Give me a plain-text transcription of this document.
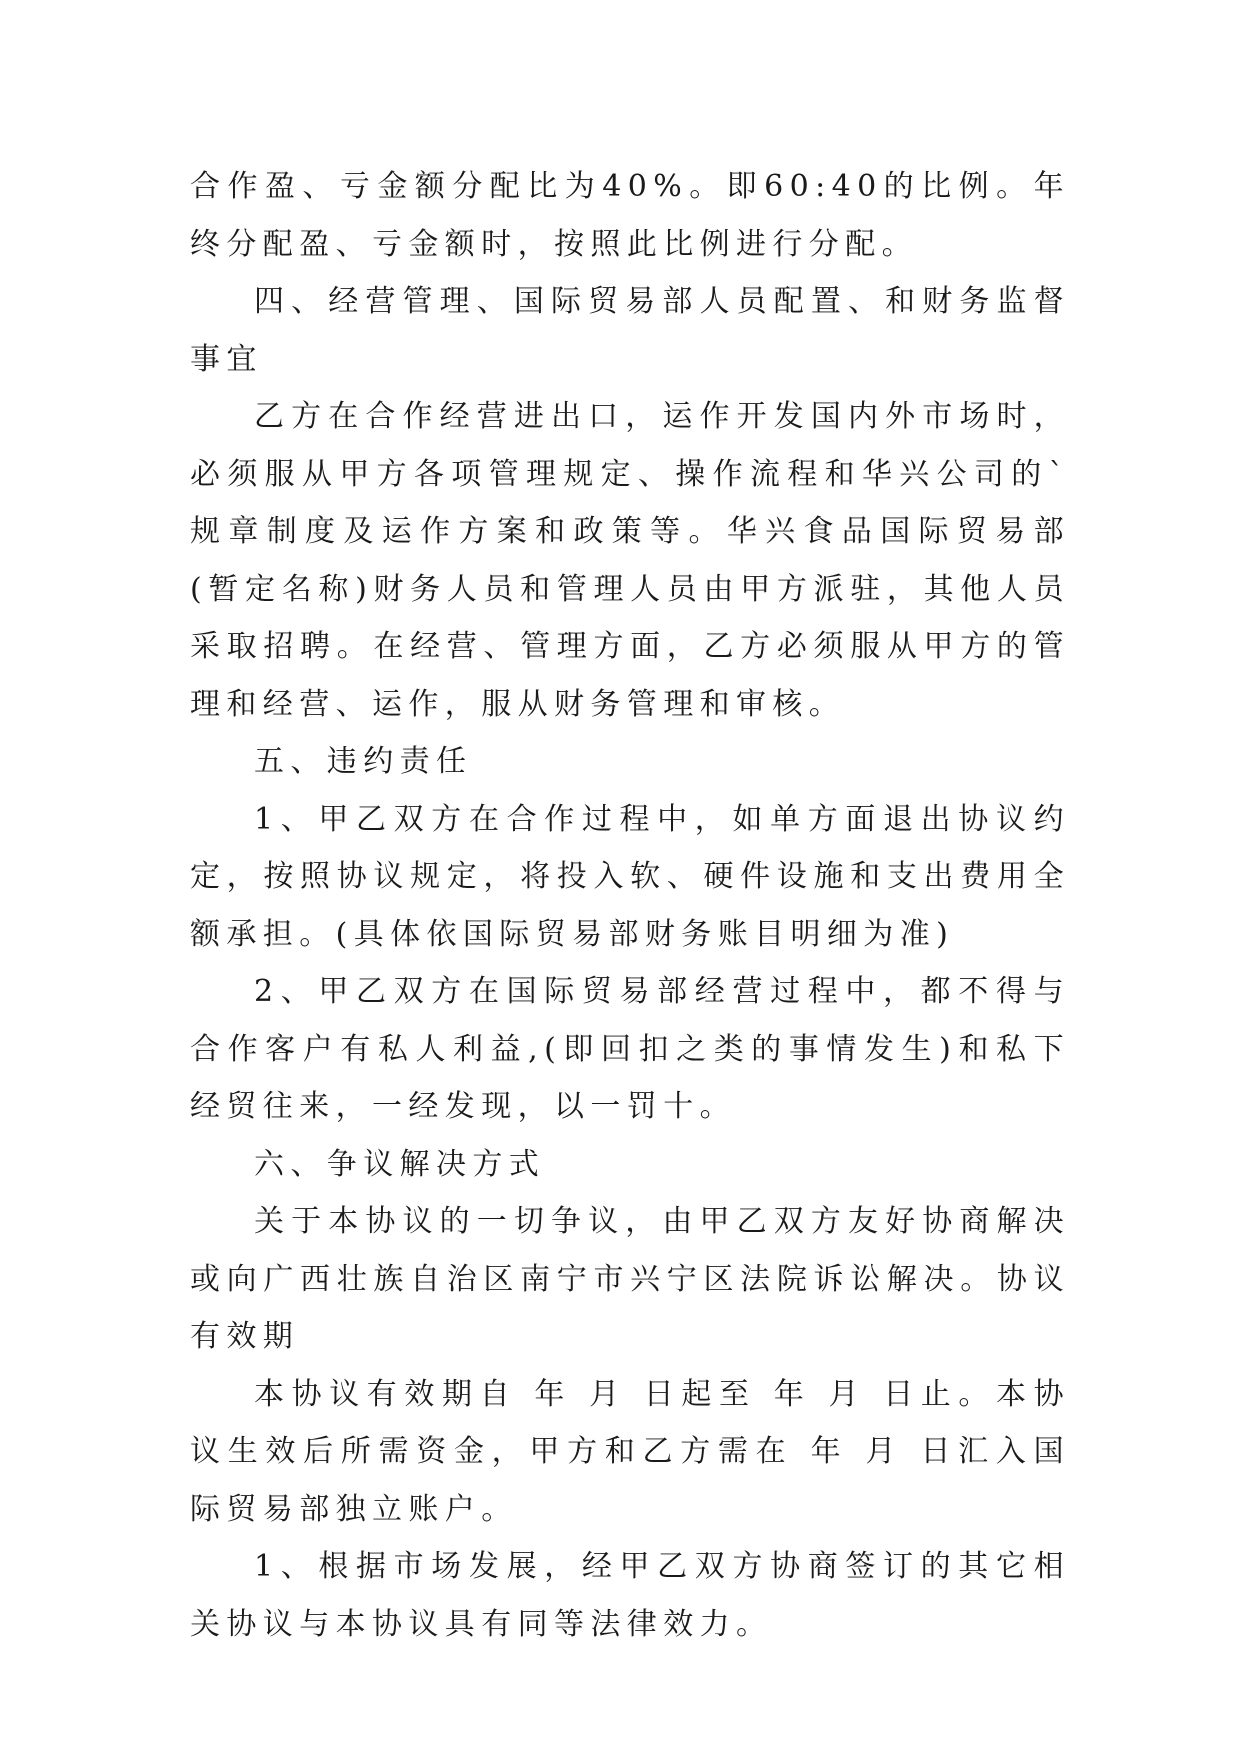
合作盈、亏金额分配比为40%。即60:40的比例。年终分配盈、亏金额时，按照此比例进行分配。

四、经营管理、国际贸易部人员配置、和财务监督事宜

乙方在合作经营进出口，运作开发国内外市场时，必须服从甲方各项管理规定、操作流程和华兴公司的`规章制度及运作方案和政策等。华兴食品国际贸易部(暂定名称)财务人员和管理人员由甲方派驻，其他人员采取招聘。在经营、管理方面，乙方必须服从甲方的管理和经营、运作，服从财务管理和审核。

五、违约责任

1、甲乙双方在合作过程中，如单方面退出协议约定，按照协议规定，将投入软、硬件设施和支出费用全额承担。(具体依国际贸易部财务账目明细为准)

2、甲乙双方在国际贸易部经营过程中，都不得与合作客户有私人利益,(即回扣之类的事情发生)和私下经贸往来，一经发现，以一罚十。

六、争议解决方式

关于本协议的一切争议，由甲乙双方友好协商解决或向广西壮族自治区南宁市兴宁区法院诉讼解决。协议有效期

本协议有效期自 年 月 日起至 年 月 日止。本协议生效后所需资金，甲方和乙方需在 年 月 日汇入国际贸易部独立账户。

1、根据市场发展，经甲乙双方协商签订的其它相关协议与本协议具有同等法律效力。
